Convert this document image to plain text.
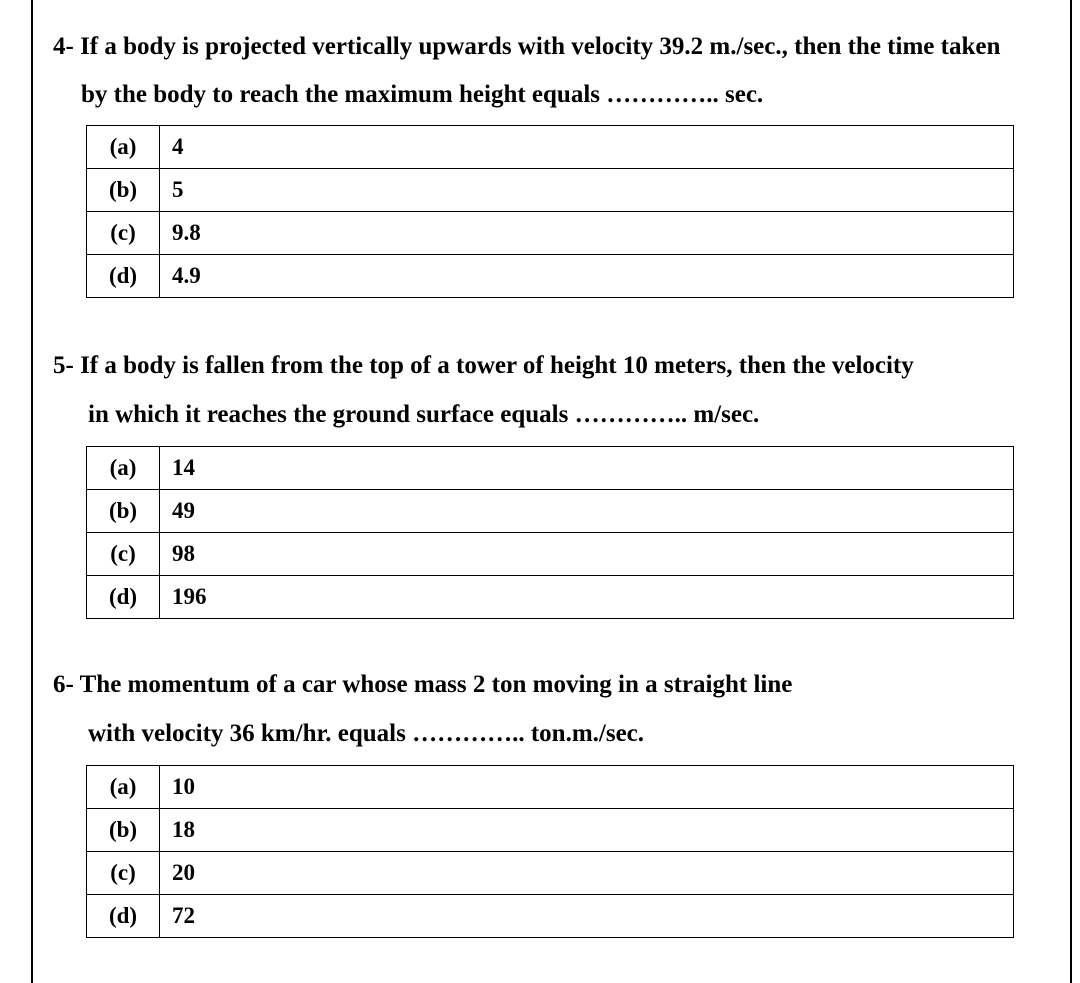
4- If a body is projected vertically upwards with velocity 39.2 m./sec., then the time taken
by the body to reach the maximum height equals ………….. sec.
(a)	4
(b)	5
(c)	9.8
(d)	4.9
5- If a body is fallen from the top of a tower of height 10 meters, then the velocity
in which it reaches the ground surface equals ………….. m/sec.
(a)	14
(b)	49
(c)	98
(d)	196
6- The momentum of a car whose mass 2 ton moving in a straight line
with velocity 36 km/hr. equals ………….. ton.m./sec.
(a)	10
(b)	18
(c)	20
(d)	72
